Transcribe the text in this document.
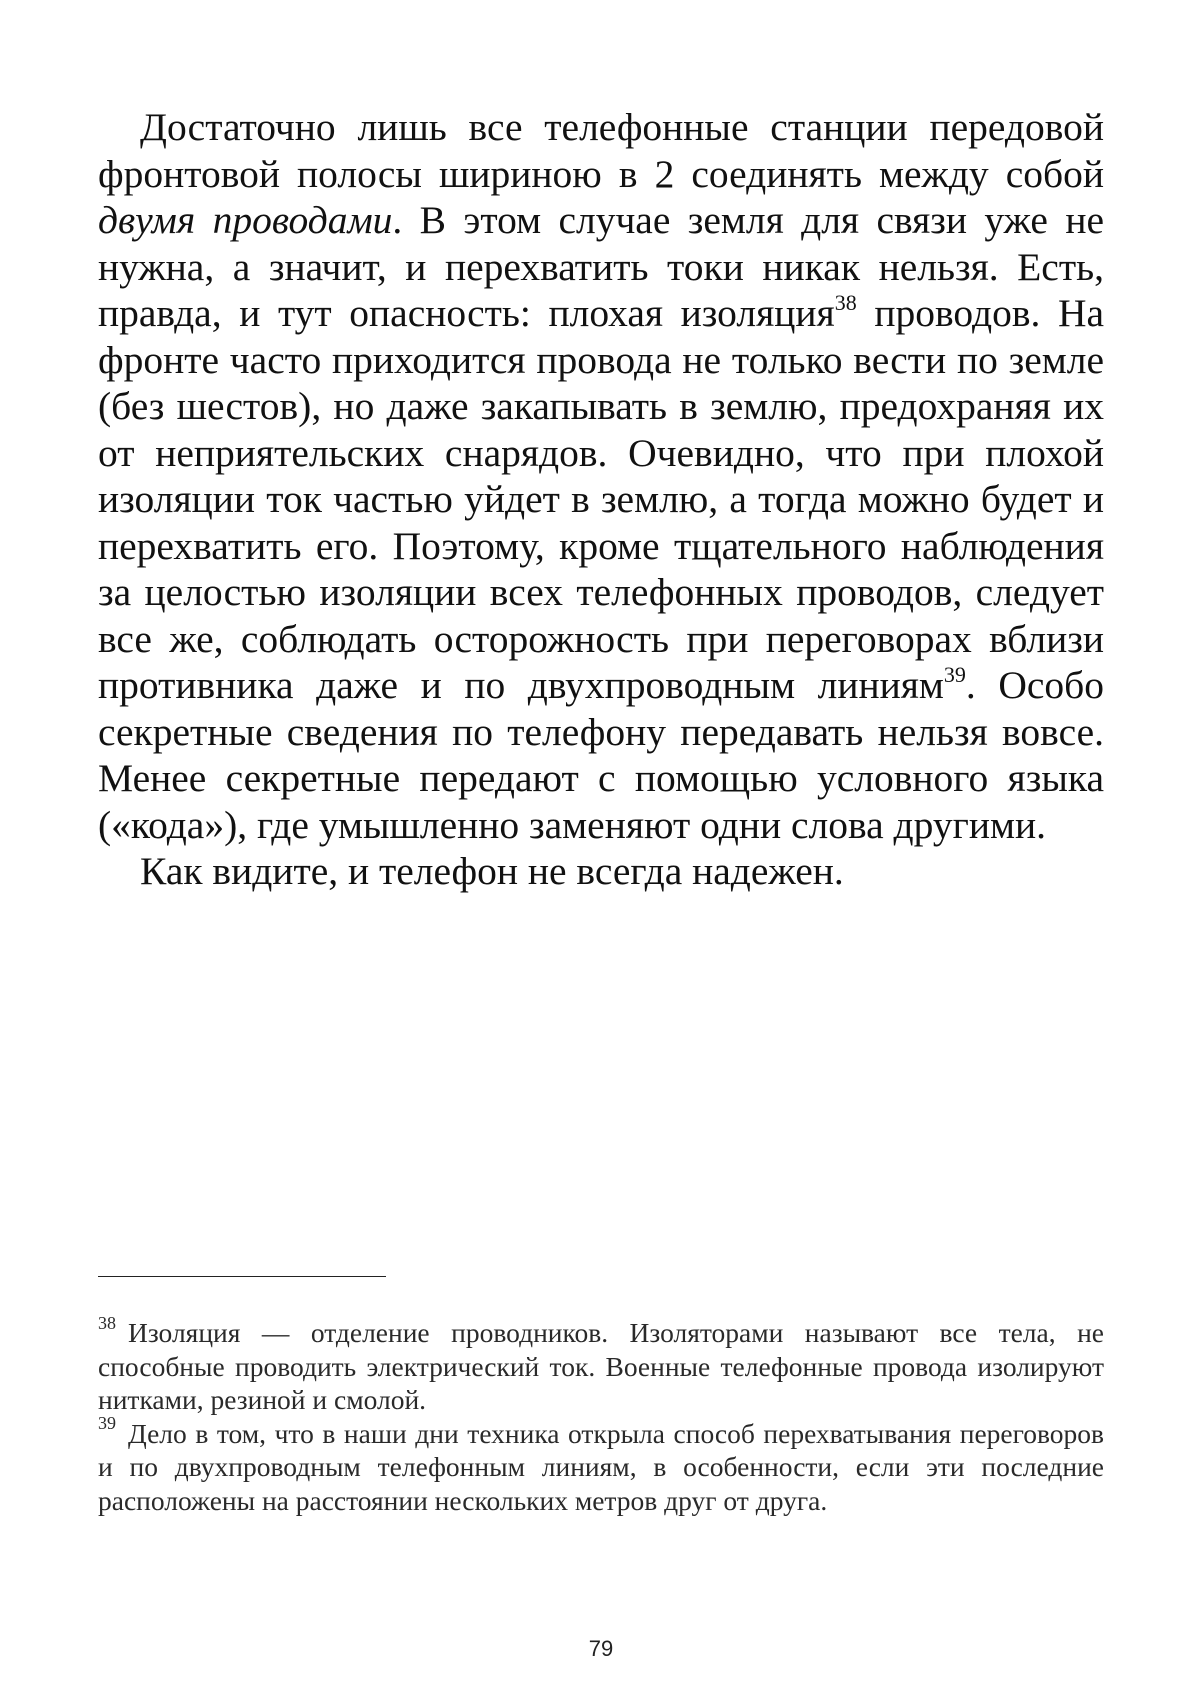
Достаточно лишь все телефонные станции передовой фронтовой полосы шириною в 2 соединять между собой двумя проводами. В этом случае земля для связи уже не нужна, а значит, и перехватить токи никак нельзя. Есть, правда, и тут опасность: плохая изоляция$^{38}$ проводов. На фронте часто приходится провода не только вести по земле (без шестов), но даже закапывать в землю, предохраняя их от неприятельских снарядов. Очевидно, что при плохой изоляции ток частью уйдет в землю, а тогда можно будет и перехватить его. Поэтому, кроме тщательного наблюдения за целостью изоляции всех телефонных проводов, следует все же, соблюдать осторожность при переговорах вблизи противника даже и по двухпроводным линиям$^{39}$. Особо секретные сведения по телефону передавать нельзя вовсе. Менее секретные передают с помощью условного языка («кода»), где умышленно заменяют одни слова другими.

Как видите, и телефон не всегда надежен.

$^{38}$ Изоляция — отделение проводников. Изоляторами называют все тела, не способные проводить электрический ток. Военные телефонные провода изолируют нитками, резиной и смолой.

$^{39}$ Дело в том, что в наши дни техника открыла способ перехватывания переговоров и по двухпроводным телефонным линиям, в особенности, если эти последние расположены на расстоянии нескольких метров друг от друга.

79
